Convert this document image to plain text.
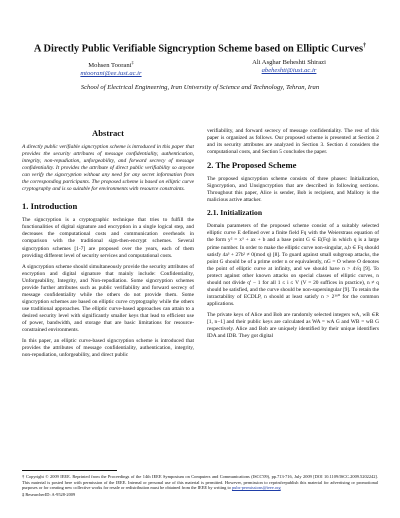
A Directly Public Verifiable Signcryption Scheme based on Elliptic Curves†
Mohsen Toorani‡
mtoorani@ee.iust.ac.ir
Ali Asghar Beheshti Shirazi
abeheshti@iust.ac.ir
School of Electrical Engineering, Iran University of Science and Technology, Tehran, Iran
Abstract
A directly public verifiable signcryption scheme is introduced in this paper that provides the security attributes of message confidentiality, authentication, integrity, non-repudiation, unforgeability, and forward secrecy of message confidentiality. It provides the attribute of direct public verifiability so anyone can verify the signcryption without any need for any secret information from the corresponding participants. The proposed scheme is based on elliptic curve cryptography and is so suitable for environments with resource constraints.
1. Introduction
The signcryption is a cryptographic technique that tries to fulfill the functionalities of digital signature and encryption in a single logical step, and decreases the computational costs and communication overheads in comparison with the traditional sign-then-encrypt schemes. Several signcryption schemes [1-7] are proposed over the years, each of them providing different level of security services and computational costs.
A signcryption scheme should simultaneously provide the security attributes of encryption and digital signature that mainly include: Confidentiality, Unforgeability, Integrity, and Non-repudiation. Some signcryption schemes provide further attributes such as public verifiability and forward secrecy of message confidentiality while the others do not provide them. Some signcryption schemes are based on elliptic curve cryptography while the others use traditional approaches. The elliptic curve-based approaches can attain to a desired security level with significantly smaller keys that lead to efficient use of power, bandwidth, and storage that are basic limitations for resource-constrained environments.
In this paper, an elliptic curve-based signcryption scheme is introduced that provides the attributes of message confidentiality, authentication, integrity, non-repudiation, unforgeability, and direct public
verifiability, and forward secrecy of message confidentiality. The rest of this paper is organized as follows. Our proposed scheme is presented at Section 2 and its security attributes are analyzed in Section 3. Section 4 considers the computational costs, and Section 5 concludes the paper.
2. The Proposed Scheme
The proposed signcryption scheme consists of three phases: Initialization, Signcryption, and Unsigncryption that are described in following sections. Throughout this paper, Alice is sender, Bob is recipient, and Mallory is the malicious active attacker.
2.1. Initialization
Domain parameters of the proposed scheme consist of a suitably selected elliptic curve E defined over a finite field Fq with the Weierstrass equation of the form y² = x³ + ax + b and a base point G ∈ E(Fq) in which q is a large prime number. In order to make the elliptic curve non-singular, a,b ∈ Fq should satisfy 4a³ + 27b² ≠ 0(mod q) [8]. To guard against small subgroup attacks, the point G should be of a prime order n or equivalently, nG = O where O denotes the point of elliptic curve at infinity, and we should have n > 4√q [9]. To protect against other known attacks on special classes of elliptic curves, n should not divide qⁱ − 1 for all 1 ≤ i ≤ V (V = 20 suffices in practice), n ≠ q should be satisfied, and the curve should be non-supersingular [9]. To retain the intractability of ECDLP, n should at least satisfy n > 2¹⁶⁰ for the common applications.
The private keys of Alice and Bob are randomly selected integers wA, wB ∈R [1, n−1] and their public keys are calculated as WA = wA G and WB = wB G respectively. Alice and Bob are uniquely identified by their unique identifiers IDA and IDB. They got digital
† Copyright © 2009 IEEE. Reprinted from the Proceedings of the 14th IEEE Symposium on Computers and Communications (ISCC'09), pp.713-716, July 2009 [DOI 10.1109/ISCC.2009.5202242]. This material is posted here with permission of the IEEE. Internal or personal use of this material is permitted. However, permission to reprint/republish this material for advertising or promotional purposes or for creating new collective works for resale or redistribution must be obtained from the IEEE by writing to pubs-permissions@ieee.org
‡ ResearcherID: A-9528-2009
